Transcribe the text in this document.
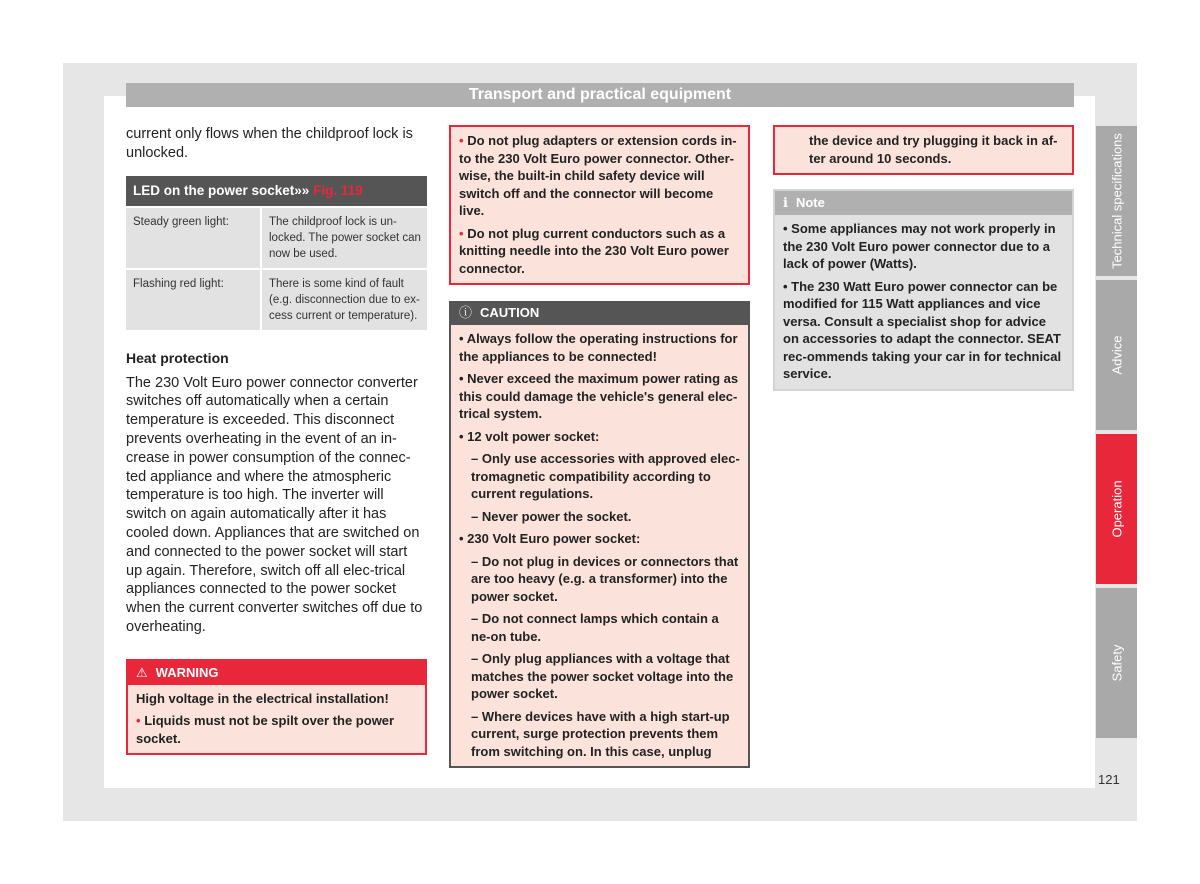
Transport and practical equipment

current only flows when the childproof lock is unlocked.

LED on the power socket»» Fig. 119
Steady green light:	The childproof lock is un-locked. The power socket can now be used.
Flashing red light:	There is some kind of fault (e.g. disconnection due to ex-cess current or temperature).
Heat protection

The 230 Volt Euro power connector converter switches off automatically when a certain temperature is exceeded. This disconnect prevents overheating in the event of an in-crease in power consumption of the connec-ted appliance and where the atmospheric temperature is too high. The inverter will switch on again automatically after it has cooled down. Appliances that are switched on and connected to the power socket will start up again. Therefore, switch off all elec-trical appliances connected to the power socket when the current converter switches off due to overheating.

⚠ WARNING
High voltage in the electrical installation!
• Liquids must not be spilt over the power socket.
• Do not plug adapters or extension cords in-to the 230 Volt Euro power connector. Other-wise, the built-in child safety device will switch off and the connector will become live.
• Do not plug current conductors such as a knitting needle into the 230 Volt Euro power connector.
ⓘ CAUTION
• Always follow the operating instructions for the appliances to be connected!
• Never exceed the maximum power rating as this could damage the vehicle's general elec-trical system.
• 12 volt power socket:
– Only use accessories with approved elec-tromagnetic compatibility according to current regulations.
– Never power the socket.
• 230 Volt Euro power socket:
– Do not plug in devices or connectors that are too heavy (e.g. a transformer) into the power socket.
– Do not connect lamps which contain a ne-on tube.
– Only plug appliances with a voltage that matches the power socket voltage into the power socket.
– Where devices have with a high start-up current, surge protection prevents them from switching on. In this case, unplug
the device and try plugging it back in af-ter around 10 seconds.
ℹ Note
• Some appliances may not work properly in the 230 Volt Euro power connector due to a lack of power (Watts).
• The 230 Watt Euro power connector can be modified for 115 Watt appliances and vice versa. Consult a specialist shop for advice on accessories to adapt the connector. SEAT rec-ommends taking your car in for technical service.
Technical specifications
Advice
Operation
Safety
121
